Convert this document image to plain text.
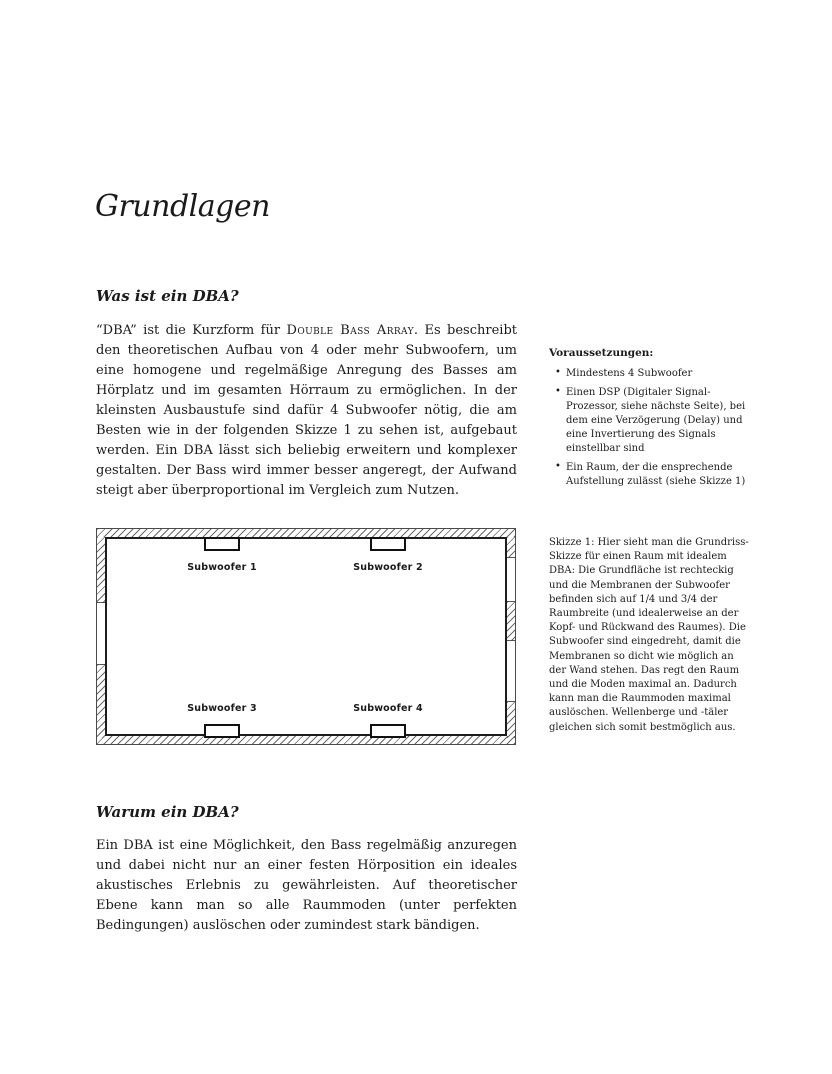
Grundlagen
Was ist ein DBA?

“DBA” ist die Kurzform für Double Bass Array. Es beschreibt den theoretischen Aufbau von 4 oder mehr Subwoofern, um eine homogene und regelmäßige Anregung des Basses am Hörplatz und im gesamten Hörraum zu ermöglichen. In der kleinsten Ausbaustufe sind dafür 4 Subwoofer nötig, die am Besten wie in der folgenden Skizze 1 zu sehen ist, aufgebaut werden. Ein DBA lässt sich beliebig erweitern und komplexer gestalten. Der Bass wird immer besser angeregt, der Aufwand steigt aber überproportional im Vergleich zum Nutzen.

Voraussetzungen:

• Mindestens 4 Subwoofer
• Einen DSP (Digitaler Signal-Prozessor, siehe nächste Seite), bei dem eine Verzögerung (Delay) und eine Invertierung des Signals einstellbar sind
• Ein Raum, der die ensprechende Aufstellung zulässt (siehe Skizze 1)
Subwoofer 1	Subwoofer 2
Subwoofer 3	Subwoofer 4

Skizze 1: Hier sieht man die Grundriss-Skizze für einen Raum mit idealem DBA: Die Grundfläche ist rechteckig und die Membranen der Subwoofer befinden sich auf 1/4 und 3/4 der Raumbreite (und idealerweise an der Kopf- und Rückwand des Raumes). Die Subwoofer sind eingedreht, damit die Membranen so dicht wie möglich an der Wand stehen. Das regt den Raum und die Moden maximal an. Dadurch kann man die Raummoden maximal auslöschen. Wellenberge und -täler gleichen sich somit bestmöglich aus.

Warum ein DBA?

Ein DBA ist eine Möglichkeit, den Bass regelmäßig anzuregen und dabei nicht nur an einer festen Hörposition ein ideales akustisches Erlebnis zu gewährleisten. Auf theoretischer Ebene kann man so alle Raummoden (unter perfekten Bedingungen) auslöschen oder zumindest stark bändigen.
